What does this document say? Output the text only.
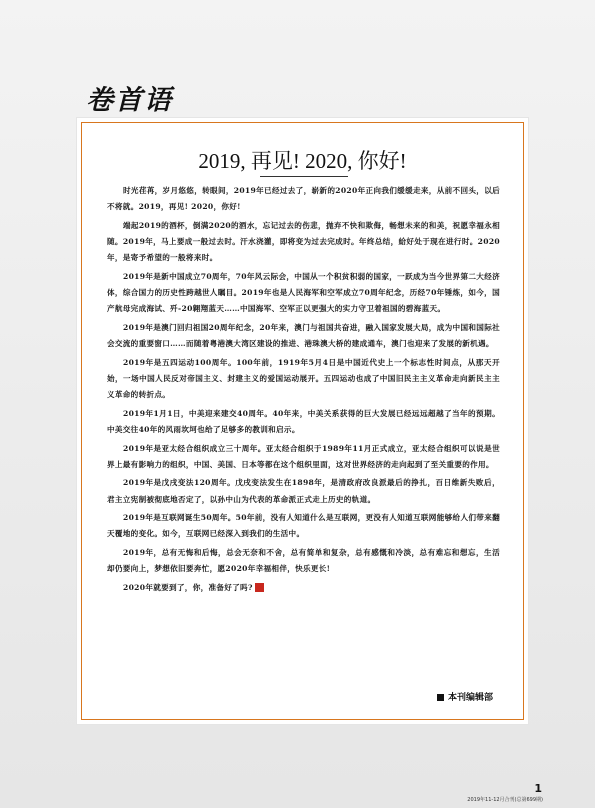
卷首语
2019, 再见! 2020, 你好!

时光荏苒，岁月悠悠，转眼间，2019年已经过去了，崭新的2020年正向我们缓缓走来，从前不回头，以后不将就。2019，再见! 2020，你好!

端起2019的酒杯，倒满2020的酒水，忘记过去的伤悲，抛弃不快和欺侮，畅想未来的和美，祝愿幸福永相随。2019年，马上要成一般过去时。汗水浇灌，即将变为过去完成时。年终总结，給好处于现在进行时。2020年，是寄予希望的一般将来时。

2019年是新中国成立70周年，70年风云际会，中国从一个积贫积弱的国家，一跃成为当今世界第二大经济体，综合国力的历史性跨越世人瞩目。2019年也是人民海军和空军成立70周年纪念，历经70年锤炼，如今，国产航母完成海试、歼-20翱翔蓝天……中国海军、空军正以更强大的实力守卫着祖国的碧海蓝天。

2019年是澳门回归祖国20周年纪念，20年来，澳门与祖国共奋进，融入国家发展大局，成为中国和国际社会交流的重要窗口……而随着粤港澳大湾区建设的推进、港珠澳大桥的建成通车，澳门也迎来了发展的新机遇。

2019年是五四运动100周年。100年前，1919年5月4日是中国近代史上一个标志性时间点，从那天开始，一场中国人民反对帝国主义、封建主义的爱国运动展开。五四运动也成了中国旧民主主义革命走向新民主主义革命的转折点。

2019年1月1日，中美迎来建交40周年。40年来，中美关系获得的巨大发展已经远远超越了当年的预期。中美交往40年的风雨坎坷也给了足够多的教训和启示。

2019年是亚太经合组织成立三十周年。亚太经合组织于1989年11月正式成立，亚太经合组织可以说是世界上最有影响力的组织，中国、美国、日本等都在这个组织里面，这对世界经济的走向起到了至关重要的作用。

2019年是戊戌变法120周年。戊戌变法发生在1898年，是清政府改良派最后的挣扎，百日维新失败后，君主立宪制被彻底地否定了，以孙中山为代表的革命派正式走上历史的轨道。

2019年是互联网诞生50周年。50年前，没有人知道什么是互联网，更没有人知道互联网能够给人们带来翻天覆地的变化。如今，互联网已经深入到我们的生活中。

2019年，总有无悔和后悔，总会无奈和不舍，总有简单和复杂，总有感慨和冷淡，总有难忘和想忘，生活却仍要向上，梦想依旧要奔忙，愿2020年幸福相伴，快乐更长!

2020年就要到了，你，准备好了吗?	N

本刊编辑部
1
2019年11-12月合刊(总第699期)
